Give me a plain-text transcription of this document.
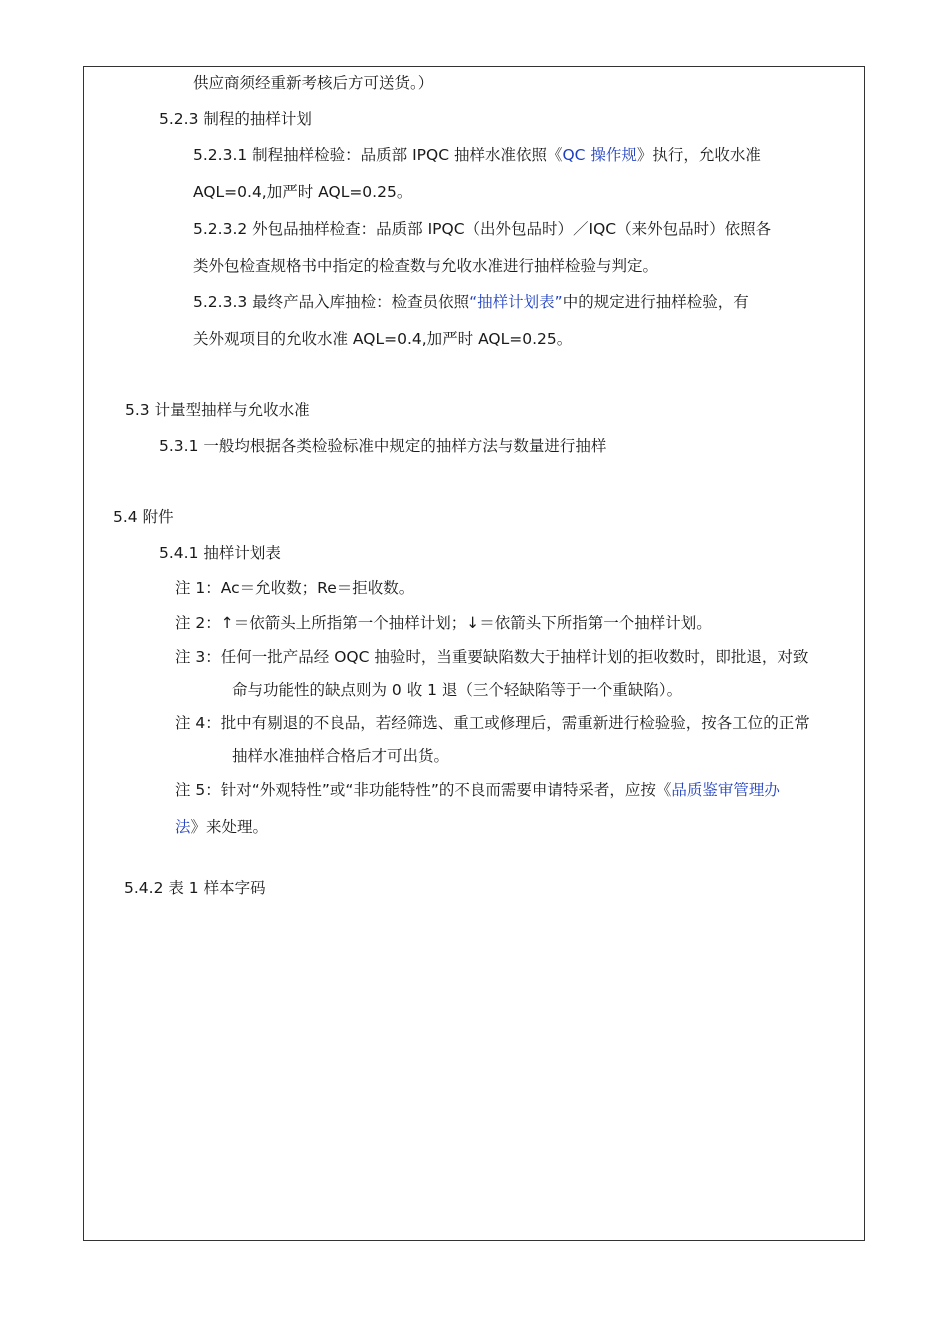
供应商须经重新考核后方可送货。）
5.2.3 制程的抽样计划
5.2.3.1 制程抽样检验：品质部 IPQC 抽样水准依照《QC 操作规》执行，允收水准
AQL=0.4,加严时 AQL=0.25。
5.2.3.2 外包品抽样检查：品质部 IPQC（出外包品时）／IQC（来外包品时）依照各
类外包检查规格书中指定的检查数与允收水准进行抽样检验与判定。
5.2.3.3 最终产品入库抽检：检查员依照“抽样计划表”中的规定进行抽样检验，有
关外观项目的允收水准 AQL=0.4,加严时 AQL=0.25。
5.3 计量型抽样与允收水准
5.3.1 一般均根据各类检验标准中规定的抽样方法与数量进行抽样
5.4 附件
5.4.1 抽样计划表
注 1：Ac＝允收数；Re＝拒收数。
注 2：↑＝依箭头上所指第一个抽样计划；↓＝依箭头下所指第一个抽样计划。
注 3：任何一批产品经 OQC 抽验时，当重要缺陷数大于抽样计划的拒收数时，即批退，对致
命与功能性的缺点则为 0 收 1 退（三个轻缺陷等于一个重缺陷）。
注 4：批中有剔退的不良品，若经筛选、重工或修理后，需重新进行检验验，按各工位的正常
抽样水准抽样合格后才可出货。
注 5：针对“外观特性”或“非功能特性”的不良而需要申请特采者，应按《品质鉴审管理办
法》来处理。
5.4.2 表 1 样本字码
